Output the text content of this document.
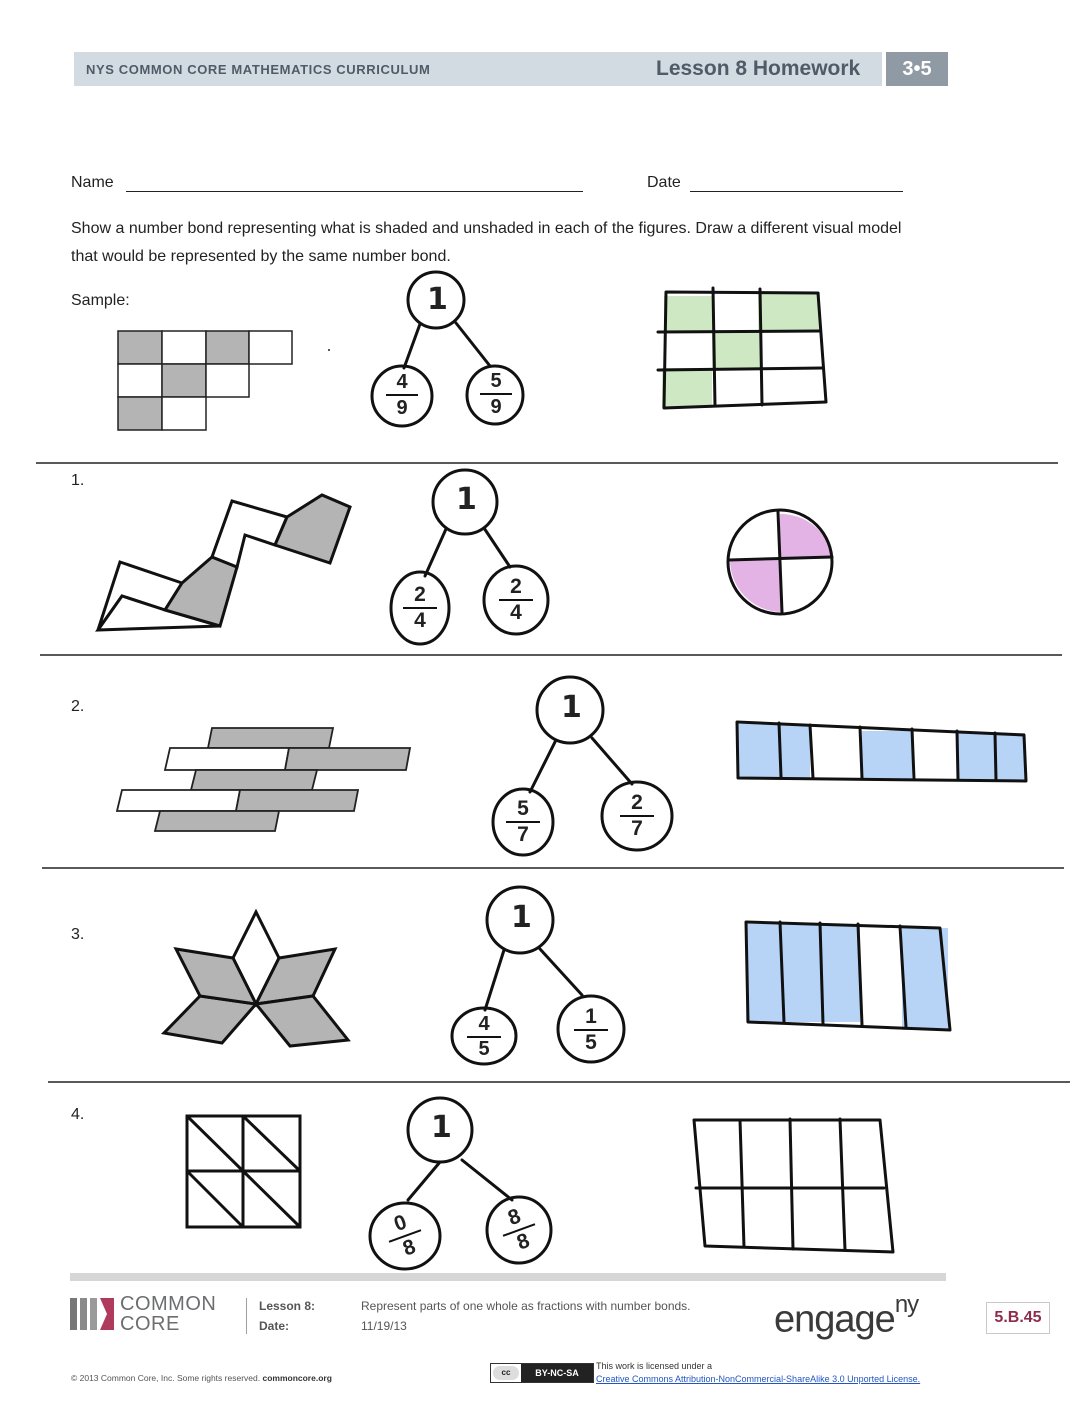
NYS COMMON CORE MATHEMATICS CURRICULUM	Lesson 8 Homework	3•5
Name	Date
Show a number bond representing what is shaded and unshaded in each of the figures. Draw a different visual model that would be represented by the same number bond.
Sample:	1
4
9
5
9
1.
2.
3.
4.
1
2
4
2
4
1
5
7
2
7
1
4
5
1
5
1
0
8
8
8
COMMON
CORE
Lesson 8:	Represent parts of one whole as fractions with number bonds.
Date:	11/19/13	engage$^{ny}$	5.B.45
© 2013 Common Core, Inc. Some rights reserved. commoncore.org
cc	BY-NC-SA
This work is licensed under a
Creative Commons Attribution-NonCommercial-ShareAlike 3.0 Unported License.
